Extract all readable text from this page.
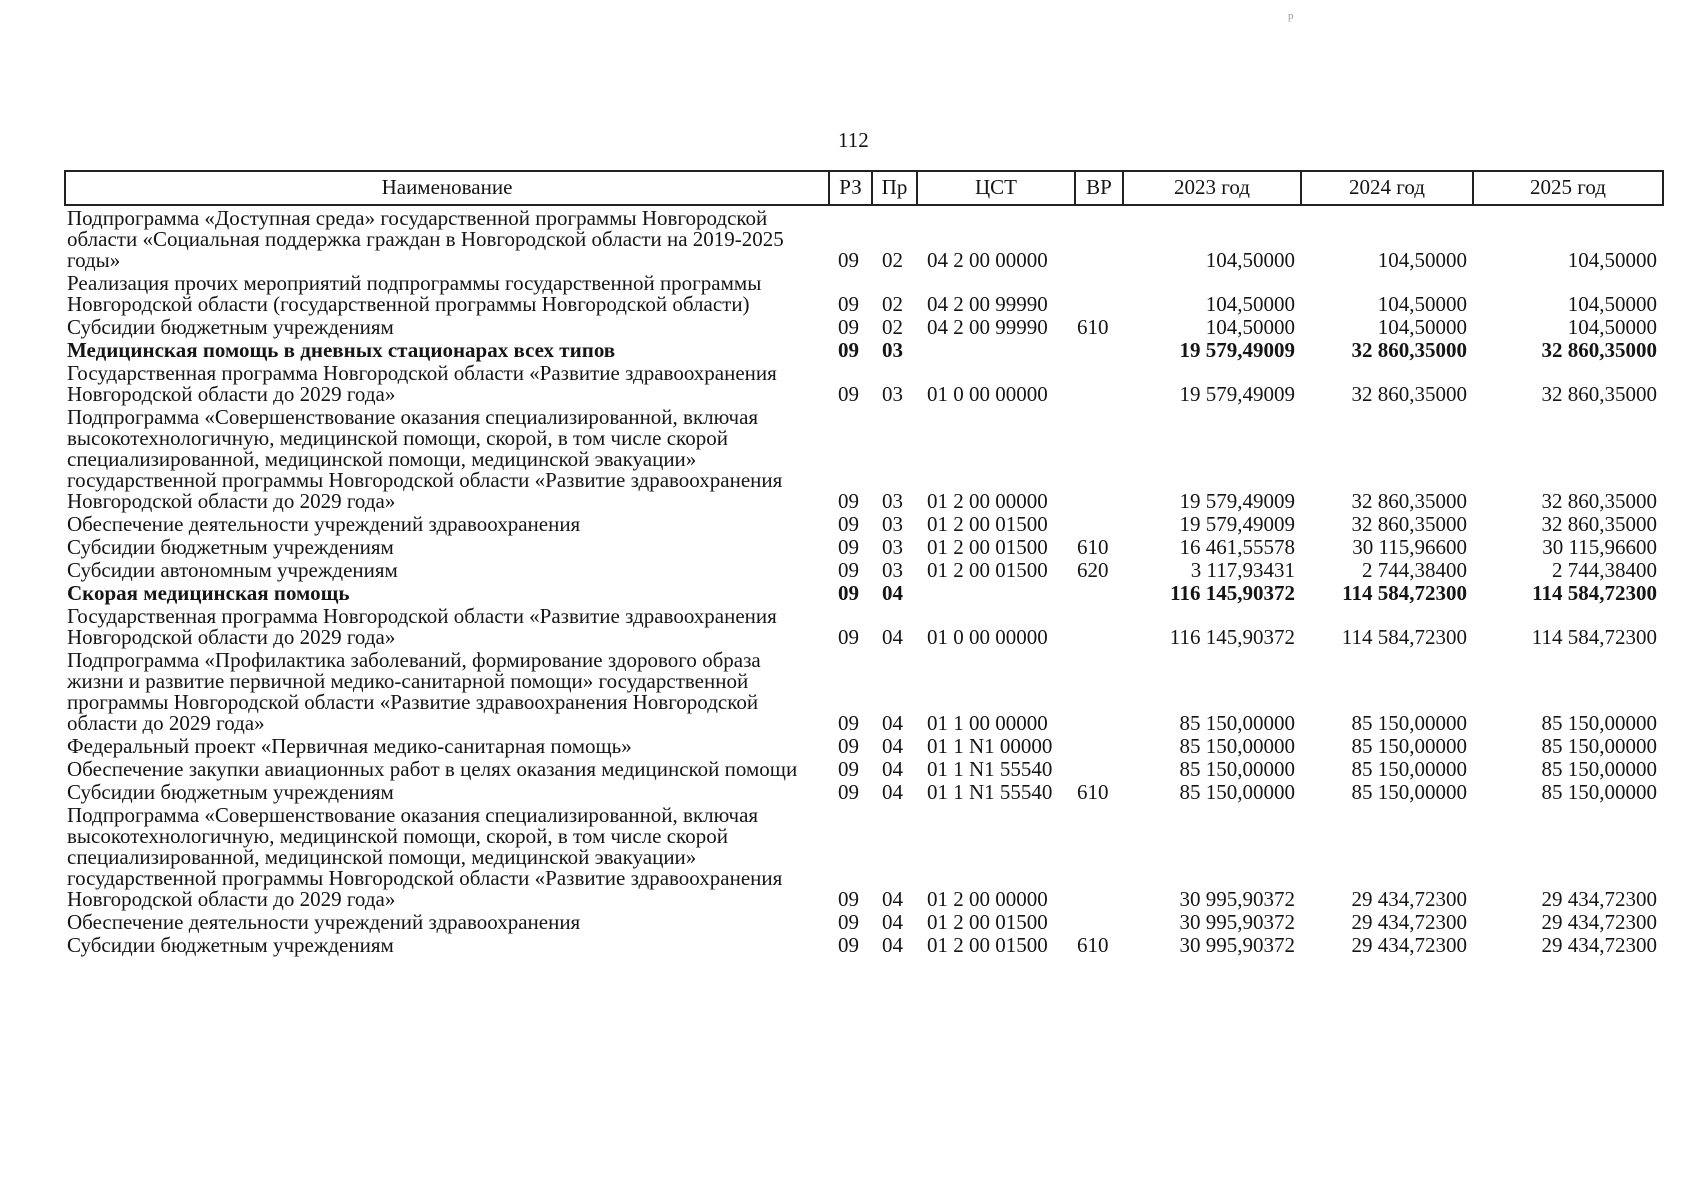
p
112
Наименование	РЗ	Пр	ЦСТ	ВР	2023 год	2024 год	2025 год
Подпрограмма «Доступная среда» государственной программы Новгородской области «Социальная поддержка граждан в Новгородской области на 2019-2025 годы»	09	02	04 2 00 00000		104,50000	104,50000	104,50000
Реализация прочих мероприятий подпрограммы государственной программы Новгородской области (государственной программы Новгородской области)	09	02	04 2 00 99990		104,50000	104,50000	104,50000
Субсидии бюджетным учреждениям	09	02	04 2 00 99990	610	104,50000	104,50000	104,50000
Медицинская помощь в дневных стационарах всех типов	09	03			19 579,49009	32 860,35000	32 860,35000
Государственная программа Новгородской области «Развитие здравоохранения Новгородской области до 2029 года»	09	03	01 0 00 00000		19 579,49009	32 860,35000	32 860,35000
Подпрограмма «Совершенствование оказания специализированной, включая высокотехнологичную, медицинской помощи, скорой, в том числе скорой специализированной, медицинской помощи, медицинской эвакуации» государственной программы Новгородской области «Развитие здравоохранения Новгородской области до 2029 года»	09	03	01 2 00 00000		19 579,49009	32 860,35000	32 860,35000
Обеспечение деятельности учреждений здравоохранения	09	03	01 2 00 01500		19 579,49009	32 860,35000	32 860,35000
Субсидии бюджетным учреждениям	09	03	01 2 00 01500	610	16 461,55578	30 115,96600	30 115,96600
Субсидии автономным учреждениям	09	03	01 2 00 01500	620	3 117,93431	2 744,38400	2 744,38400
Скорая медицинская помощь	09	04			116 145,90372	114 584,72300	114 584,72300
Государственная программа Новгородской области «Развитие здравоохранения Новгородской области до 2029 года»	09	04	01 0 00 00000		116 145,90372	114 584,72300	114 584,72300
Подпрограмма «Профилактика заболеваний, формирование здорового образа жизни и развитие первичной медико-санитарной помощи» государственной программы Новгородской области «Развитие здравоохранения Новгородской области до 2029 года»	09	04	01 1 00 00000		85 150,00000	85 150,00000	85 150,00000
Федеральный проект «Первичная медико-санитарная помощь»	09	04	01 1 N1 00000		85 150,00000	85 150,00000	85 150,00000
Обеспечение закупки авиационных работ в целях оказания медицинской помощи	09	04	01 1 N1 55540		85 150,00000	85 150,00000	85 150,00000
Субсидии бюджетным учреждениям	09	04	01 1 N1 55540	610	85 150,00000	85 150,00000	85 150,00000
Подпрограмма «Совершенствование оказания специализированной, включая высокотехнологичную, медицинской помощи, скорой, в том числе скорой специализированной, медицинской помощи, медицинской эвакуации» государственной программы Новгородской области «Развитие здравоохранения Новгородской области до 2029 года»	09	04	01 2 00 00000		30 995,90372	29 434,72300	29 434,72300
Обеспечение деятельности учреждений здравоохранения	09	04	01 2 00 01500		30 995,90372	29 434,72300	29 434,72300
Субсидии бюджетным учреждениям	09	04	01 2 00 01500	610	30 995,90372	29 434,72300	29 434,72300
